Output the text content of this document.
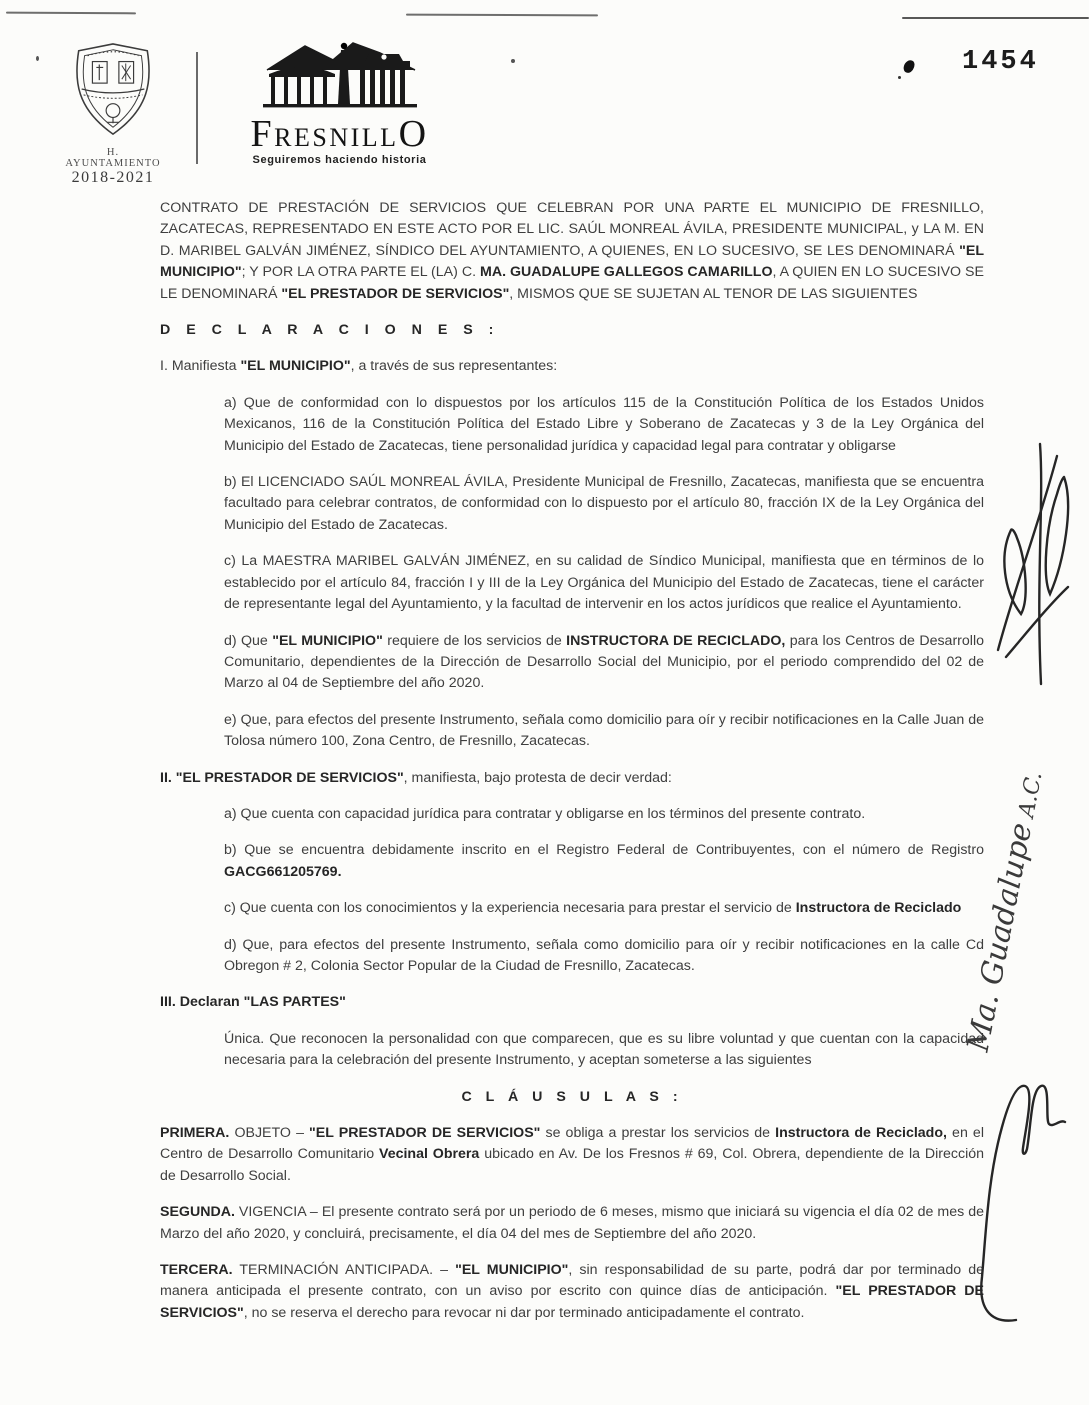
H. AYUNTAMIENTO
2018-2021
FRESNILLO
Seguiremos haciendo historia
1454

CONTRATO DE PRESTACIÓN DE SERVICIOS QUE CELEBRAN POR UNA PARTE EL MUNICIPIO DE FRESNILLO, ZACATECAS, REPRESENTADO EN ESTE ACTO POR EL LIC. SAÚL MONREAL ÁVILA, PRESIDENTE MUNICIPAL, y LA M. EN D. MARIBEL GALVÁN JIMÉNEZ, SÍNDICO DEL AYUNTAMIENTO, A QUIENES, EN LO SUCESIVO, SE LES DENOMINARÁ "EL MUNICIPIO"; Y POR LA OTRA PARTE EL (LA) C. MA. GUADALUPE GALLEGOS CAMARILLO, A QUIEN EN LO SUCESIVO SE LE DENOMINARÁ "EL PRESTADOR DE SERVICIOS", MISMOS QUE SE SUJETAN AL TENOR DE LAS SIGUIENTES

D E C L A R A C I O N E S :

I. Manifiesta "EL MUNICIPIO", a través de sus representantes:

a) Que de conformidad con lo dispuestos por los artículos 115 de la Constitución Política de los Estados Unidos Mexicanos, 116 de la Constitución Política del Estado Libre y Soberano de Zacatecas y 3 de la Ley Orgánica del Municipio del Estado de Zacatecas, tiene personalidad jurídica y capacidad legal para contratar y obligarse

b) El LICENCIADO SAÚL MONREAL ÁVILA, Presidente Municipal de Fresnillo, Zacatecas, manifiesta que se encuentra facultado para celebrar contratos, de conformidad con lo dispuesto por el artículo 80, fracción IX de la Ley Orgánica del Municipio del Estado de Zacatecas.

c) La MAESTRA MARIBEL GALVÁN JIMÉNEZ, en su calidad de Síndico Municipal, manifiesta que en términos de lo establecido por el artículo 84, fracción I y III de la Ley Orgánica del Municipio del Estado de Zacatecas, tiene el carácter de representante legal del Ayuntamiento, y la facultad de intervenir en los actos jurídicos que realice el Ayuntamiento.

d) Que "EL MUNICIPIO" requiere de los servicios de INSTRUCTORA DE RECICLADO, para los Centros de Desarrollo Comunitario, dependientes de la Dirección de Desarrollo Social del Municipio, por el periodo comprendido del 02 de Marzo al 04 de Septiembre del año 2020.

e) Que, para efectos del presente Instrumento, señala como domicilio para oír y recibir notificaciones en la Calle Juan de Tolosa número 100, Zona Centro, de Fresnillo, Zacatecas.

II. "EL PRESTADOR DE SERVICIOS", manifiesta, bajo protesta de decir verdad:

a) Que cuenta con capacidad jurídica para contratar y obligarse en los términos del presente contrato.

b) Que se encuentra debidamente inscrito en el Registro Federal de Contribuyentes, con el número de Registro GACG661205769.

c) Que cuenta con los conocimientos y la experiencia necesaria para prestar el servicio de Instructora de Reciclado

d) Que, para efectos del presente Instrumento, señala como domicilio para oír y recibir notificaciones en la calle Cd Obregon # 2, Colonia Sector Popular de la Ciudad de Fresnillo, Zacatecas.

III. Declaran "LAS PARTES"

Única. Que reconocen la personalidad con que comparecen, que es su libre voluntad y que cuentan con la capacidad necesaria para la celebración del presente Instrumento, y aceptan someterse a las siguientes

C L Á U S U L A S :

PRIMERA. OBJETO – "EL PRESTADOR DE SERVICIOS" se obliga a prestar los servicios de Instructora de Reciclado, en el Centro de Desarrollo Comunitario Vecinal Obrera ubicado en Av. De los Fresnos # 69, Col. Obrera, dependiente de la Dirección de Desarrollo Social.

SEGUNDA. VIGENCIA – El presente contrato será por un periodo de 6 meses, mismo que iniciará su vigencia el día 02 de mes de Marzo del año 2020, y concluirá, precisamente, el día 04 del mes de Septiembre del año 2020.

TERCERA. TERMINACIÓN ANTICIPADA. – "EL MUNICIPIO", sin responsabilidad de su parte, podrá dar por terminado de manera anticipada el presente contrato, con un aviso por escrito con quince días de anticipación. "EL PRESTADOR DE SERVICIOS", no se reserva el derecho para revocar ni dar por terminado anticipadamente el contrato.

Ma. Guadalupe A.C.
